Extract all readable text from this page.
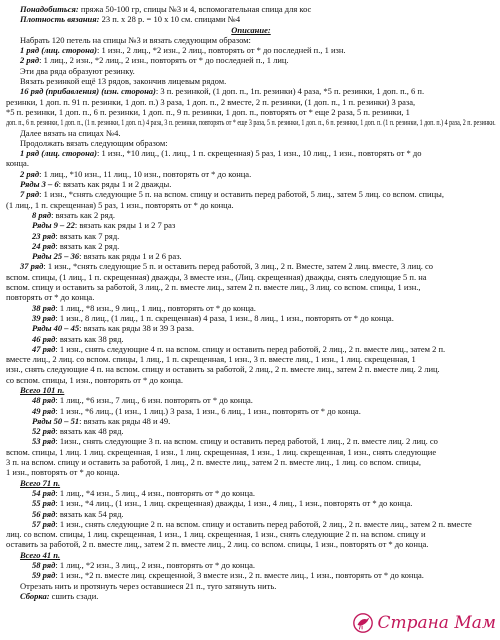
Понадобиться: пряжа 50-100 гр, спицы №3 и 4, вспомогательная спица для кос
Плотность вязания: 23 п. х 28 р. = 10 х 10 см. спицами №4
Описание:
Набрать 120 петель на спицы №3 и вязать следующим образом:
1 ряд (лиц. сторона): 1 изн., 2 лиц., *2 изн., 2 лиц., повторять от * до последней п., 1 изн.
2 ряд: 1 лиц., 2 изн., *2 лиц., 2 изн., повторять от * до последней п., 1 лиц.
Эти два ряда образуют резинку.
Вязать резинкой ещё 13 рядов, закончив лицевым рядом.
16 ряд (прибавления) (изн. сторона): 3 п. резинкой, (1 доп. п., 1п. резинки) 4 раза, *5 п. резинки, 1 доп. п., 6 п.
резинки, 1 доп. п. 91 п. резинки, 1 доп. п.) 3 раза, 1 доп. п., 2 вместе, 2 п. резинки, (1 доп. п., 1 п. резинки) 3 раза,
*5 п. резинки, 1 доп. п., 6 п. резинки, 1 доп. п., 9 п. резинки, 1 доп. п., повторять от * еще 2 раза, 5 п. резинки, 1
доп. п., 6 п. резинки, 1 доп. п., (1 п. резинки, 1 доп. п.) 4 раза, 3 п. резинки, повторять от * еще 3 раза, 5 п. резинки, 1 доп. п., 6 п. резинки, 1 доп. п. (1 п. резинки, 1 доп. п.) 4 раза, 2 п. резинки.
Далее вязать на спицах №4.
Продолжать вязать следующим образом:
1 ряд (лиц. сторона): 1 изн., *10 лиц., (1. лиц., 1 п. скрещенная) 5 раз, 1 изн., 10 лиц., 1 изн., повторять от * до
конца.
2 ряд: 1 лиц., *10 изн., 11 лиц., 10 изн., повторять от * до конца.
Ряды 3 – 6: вязать как ряды 1 и 2 дважды.
7 ряд: 1 изн., *снять следующие 5 п. на вспом. спицу и оставить перед работой, 5 лиц., затем 5 лиц. со вспом. спицы,
(1 лиц., 1 п. скрещенная) 5 раз, 1 изн., повторять от * до конца.
8 ряд: вязать как 2 ряд.
Ряды 9 – 22: вязать как ряды 1 и 2 7 раз
23 ряд: вязать как 7 ряд.
24 ряд: вязать как 2 ряд.
Ряды 25 – 36: вязать как ряды 1 и 2 6 раз.
37 ряд: 1 изн., *снять следующие 5 п. и оставить перед работой, 3 лиц., 2 п. Вместе, затем 2 лиц. вместе, 3 лиц. со
вспом. спицы, (1 лиц., 1 п. скрещенная) дважды, 3 вместе изн., (Лиц. скрещенная) дважды, снять следующие 5 п. на
вспом. спицу и оставить за работой, 3 лиц., 2 п. вместе лиц., затем 2 п. вместе лиц., 3 лиц. со вспом. спицы, 1 изн.,
повторять от * до конца.
38 ряд: 1 лиц., *8 изн., 9 лиц., 1 лиц., повторять от * до конца.
39 ряд: 1 изн., 8 лиц., (1 лиц., 1 п. скрещенная) 4 раза, 1 изн., 8 лиц., 1 изн., повторять от * до конца.
Ряды 40 – 45: вязать как ряды 38 и 39 3 раза.
46 ряд: вязать как 38 ряд.
47 ряд: 1 изн., снять следующие 4 п. на вспом. спицу и оставить перед работой, 2 лиц., 2 п. вместе лиц., затем 2 п.
вместе лиц., 2 лиц. со вспом. спицы, 1 лиц., 1 п. скрещенная, 1 изн., 3 п. вместе лиц., 1 изн., 1 лиц. скрещенная, 1
изн., снять следующие 4 п. на вспом. спицу и оставить за работой, 2 лиц., 2 п. вместе лиц., затем 2 п. вместе лиц. 2 лиц.
со вспом. спицы, 1 изн., повторять от * до конца.
Всего 101 п.
48 ряд: 1 лиц., *6 изн., 7 лиц., 6 изн. повторять от * до конца.
49 ряд: 1 изн., *6 лиц., (1 изн., 1 лиц.) 3 раза, 1 изн., 6 лиц., 1 изн., повторять от * до конца.
Ряды 50 – 51: вязать как ряды 48 и 49.
52 ряд: вязать как 48 ряд.
53 ряд: 1изн., снять следующие 3 п. на вспом. спицу и оставить перед работой, 1 лиц., 2 п. вместе лиц. 2 лиц. со
вспом. спицы, 1 лиц. 1 лиц. скрещенная, 1 изн., 1 лиц. скрещенная, 1 изн., 1 лиц. скрещенная, 1 изн., снять следующие
3 п. на вспом. спицу и оставить за работой, 1 лиц., 2 п. вместе лиц., затем 2 п. вместе лиц., 1 лиц. со вспом. спицы,
1 изн., повторять от * до конца.
Всего 71 п.
54 ряд: 1 лиц., *4 изн., 5 лиц., 4 изн., повторять от * до конца.
55 ряд: 1 изн., *4 лиц., (1 изн., 1 лиц. скрещенная) дважды, 1 изн., 4 лиц., 1 изн., повторять от * до конца.
56 ряд: вязать как 54 ряд.
57 ряд: 1 изн., снять следующие 2 п. на вспом. спицу и оставить перед работой, 2 лиц., 2 п. вместе лиц., затем 2 п. вместе
лиц. со вспом. спицы, 1 лиц. скрещенная, 1 изн., 1 лиц. скрещенная, 1 изн., снять следующие 2 п. на вспом. спицу и
оставить за работой, 2 п. вместе лиц., затем 2 п. вместе лиц., 2 лиц. со вспом. спицы, 1 изн., повторять от * до конца.
Всего 41 п.
58 ряд: 1 лиц., *2 изн., 3 лиц., 2 изн., повторять от * до конца.
59 ряд: 1 изн., *2 п. вместе лиц. скрещенной, 3 вместе изн., 2 п. вместе лиц., 1 изн., повторять от * до конца.
Отрезать нить и протянуть через оставшиеся 21 п., туго затянуть нить.
Сборка: сшить сзади.
Страна Мам
